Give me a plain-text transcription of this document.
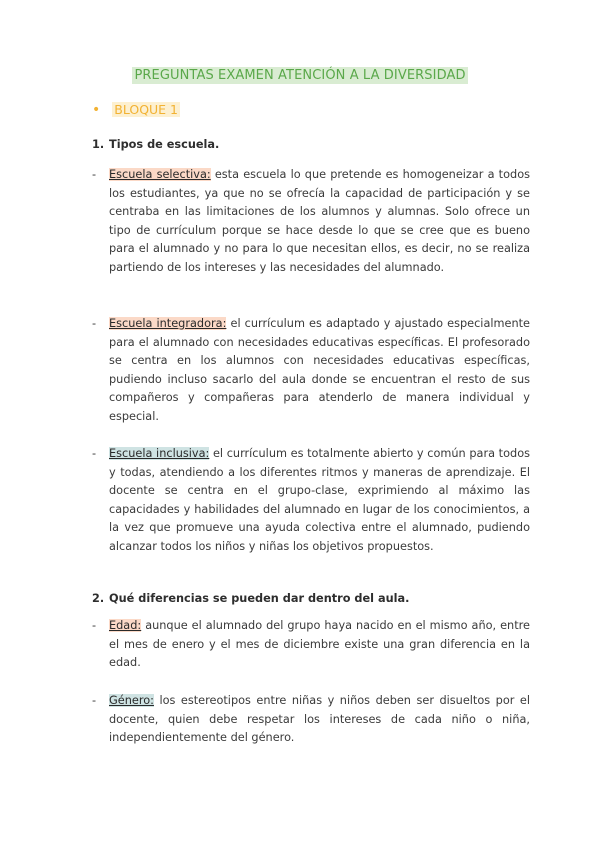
PREGUNTAS EXAMEN ATENCIÓN A LA DIVERSIDAD
• BLOQUE 1
1. Tipos de escuela.
- Escuela selectiva: esta escuela lo que pretende es homogeneizar a todos los estudiantes, ya que no se ofrecía la capacidad de participación y se centraba en las limitaciones de los alumnos y alumnas. Solo ofrece un tipo de currículum porque se hace desde lo que se cree que es bueno para el alumnado y no para lo que necesitan ellos, es decir, no se realiza partiendo de los intereses y las necesidades del alumnado.

- Escuela integradora: el currículum es adaptado y ajustado especialmente para el alumnado con necesidades educativas específicas. El profesorado se centra en los alumnos con necesidades educativas específicas, pudiendo incluso sacarlo del aula donde se encuentran el resto de sus compañeros y compañeras para atenderlo de manera individual y especial.

- Escuela inclusiva: el currículum es totalmente abierto y común para todos y todas, atendiendo a los diferentes ritmos y maneras de aprendizaje. El docente se centra en el grupo-clase, exprimiendo al máximo las capacidades y habilidades del alumnado en lugar de los conocimientos, a la vez que promueve una ayuda colectiva entre el alumnado, pudiendo alcanzar todos los niños y niñas los objetivos propuestos.

2. Qué diferencias se pueden dar dentro del aula.
- Edad: aunque el alumnado del grupo haya nacido en el mismo año, entre el mes de enero y el mes de diciembre existe una gran diferencia en la edad.

- Género: los estereotipos entre niñas y niños deben ser disueltos por el docente, quien debe respetar los intereses de cada niño o niña, independientemente del género.
